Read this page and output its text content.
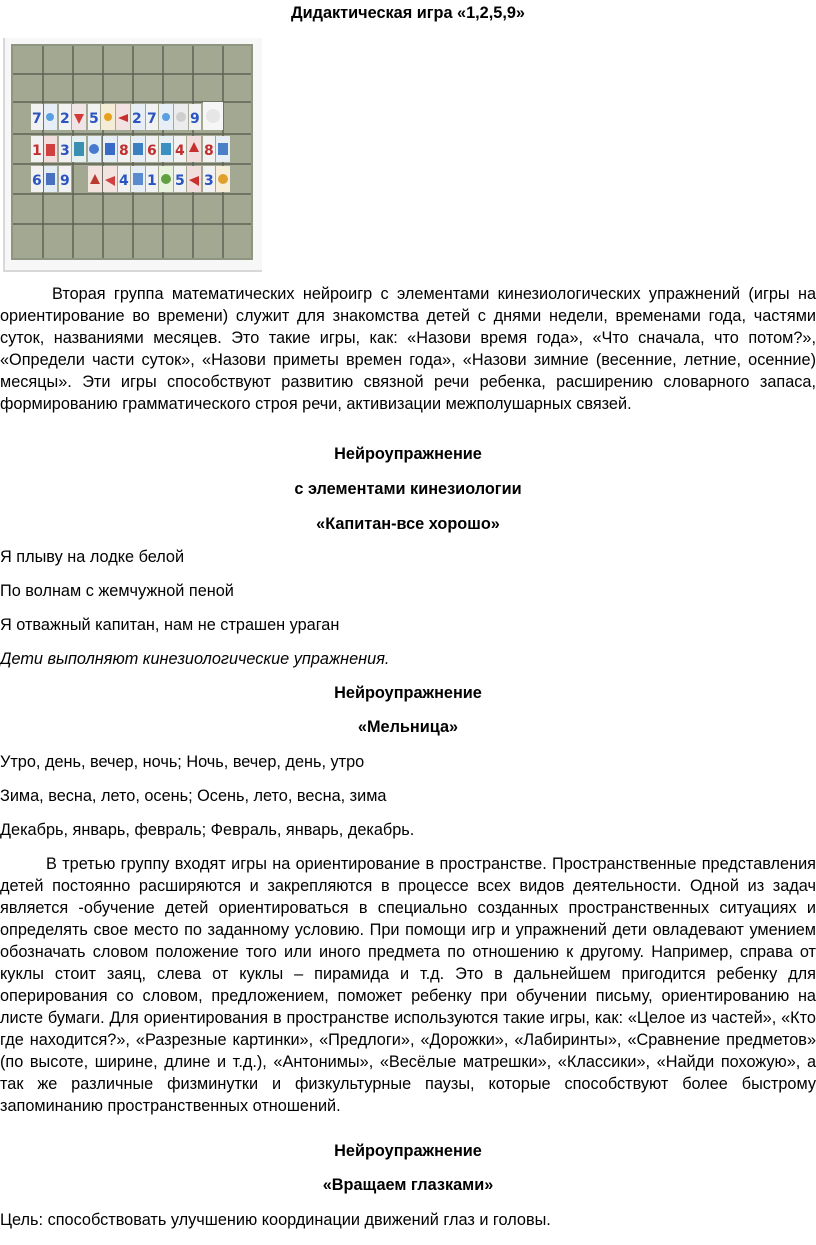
Дидактическая игра «1,2,5,9»
7 2 5 2 7 9
1 3	8 6 4 8
6 9	4 1 5 3

Вторая группа математических нейроигр с элементами кинезиологических упражнений (игры на ориентирование во времени) служит для знакомства детей с днями недели, временами года, частями суток, названиями месяцев. Это такие игры, как: «Назови время года», «Что сначала, что потом?», «Определи части суток», «Назови приметы времен года», «Назови зимние (весенние, летние, осенние) месяцы». Эти игры способствуют развитию связной речи ребенка, расширению словарного запаса, формированию грамматического строя речи, активизации межполушарных связей.

Нейроупражнение
с элементами кинезиологии
«Капитан-все хорошо»
Я плыву на лодке белой
По волнам с жемчужной пеной
Я отважный капитан, нам не страшен ураган
Дети выполняют кинезиологические упражнения.
Нейроупражнение
«Мельница»
Утро, день, вечер, ночь; Ночь, вечер, день, утро
Зима, весна, лето, осень; Осень, лето, весна, зима
Декабрь, январь, февраль; Февраль, январь, декабрь.

В третью группу входят игры на ориентирование в пространстве. Пространственные представления детей постоянно расширяются и закрепляются в процессе всех видов деятельности. Одной из задач является -обучение детей ориентироваться в специально созданных пространственных ситуациях и определять свое место по заданному условию. При помощи игр и упражнений дети овладевают умением обозначать словом положение того или иного предмета по отношению к другому. Например, справа от куклы стоит заяц, слева от куклы – пирамида и т.д. Это в дальнейшем пригодится ребенку для оперирования со словом, предложением, поможет ребенку при обучении письму, ориентированию на листе бумаги. Для ориентирования в пространстве используются такие игры, как: «Целое из частей», «Кто где находится?», «Разрезные картинки», «Предлоги», «Дорожки», «Лабиринты», «Сравнение предметов» (по высоте, ширине, длине и т.д.), «Антонимы», «Весёлые матрешки», «Классики», «Найди похожую», а так же различные физминутки и физкультурные паузы, которые способствуют более быстрому запоминанию пространственных отношений.

Нейроупражнение
«Вращаем глазками»
Цель: способствовать улучшению координации движений глаз и головы.
